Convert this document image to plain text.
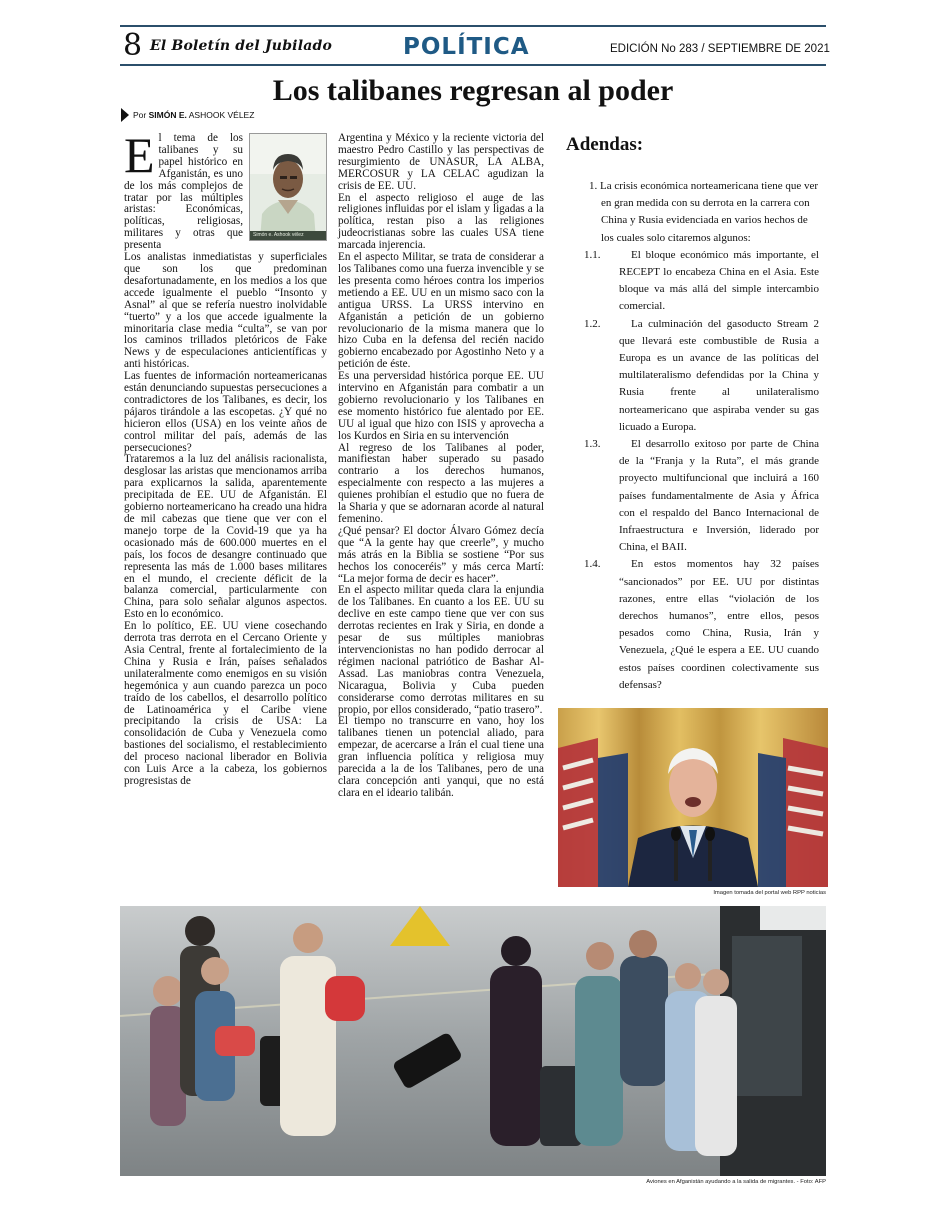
8 El Boletín del Jubilado	POLÍTICA	EDICIÓN No 283 / SEPTIEMBRE DE 2021
Los talibanes regresan al poder
Por SIMÓN E. ASHOOK VÉLEZ
Simón e. Ashook vélez
E l tema de los talibanes y su papel histórico en Afganistán, es uno de los más complejos de tratar por las múltiples aristas: Económicas, políticas, religiosas, militares y otras que presenta

Los analistas inmediatistas y superficiales que son los que predominan desafortunadamente, en los medios a los que accede igualmente el pueblo “Insonto y Asnal” al que se refería nuestro inolvidable “tuerto” y a los que accede igualmente la minoritaria clase media “culta”, se van por los caminos trillados pletóricos de Fake News y de especulaciones anticientíficas y anti históricas.

Las fuentes de información norteamericanas están denunciando supuestas persecuciones a contradictores de los Talibanes, es decir, los pájaros tirándole a las escopetas. ¿Y qué no hicieron ellos (USA) en los veinte años de control militar del país, además de las persecuciones?

Trataremos a la luz del análisis racionalista, desglosar las aristas que mencionamos arriba para explicarnos la salida, aparentemente precipitada de EE. UU de Afganistán. El gobierno norteamericano ha creado una hidra de mil cabezas que tiene que ver con el manejo torpe de la Covid-19 que ya ha ocasionado más de 600.000 muertes en el país, los focos de desangre continuado que representa las más de 1.000 bases militares en el mundo, el creciente déficit de la balanza comercial, particularmente con China, para solo señalar algunos aspectos. Esto en lo económico.

En lo político, EE. UU viene cosechando derrota tras derrota en el Cercano Oriente y Asia Central, frente al fortalecimiento de la China y Rusia e Irán, países señalados unilateralmente como enemigos en su visión hegemónica y aun cuando parezca un poco traído de los cabellos, el desarrollo político de Latinoamérica y el Caribe viene precipitando la crisis de USA: La consolidación de Cuba y Venezuela como bastiones del socialismo, el restablecimiento del proceso nacional liberador en Bolivia con Luis Arce a la cabeza, los gobiernos progresistas de

Argentina y México y la reciente victoria del maestro Pedro Castillo y las perspectivas de resurgimiento de UNASUR, LA ALBA, MERCOSUR y LA CELAC agudizan la crisis de EE. UU.

En el aspecto religioso el auge de las religiones influidas por el islam y ligadas a la política, restan piso a las religiones judeocristianas sobre las cuales USA tiene marcada injerencia.

En el aspecto Militar, se trata de considerar a los Talibanes como una fuerza invencible y se les presenta como héroes contra los imperios metiendo a EE. UU en un mismo saco con la antigua URSS. La URSS intervino en Afganistán a petición de un gobierno revolucionario de la misma manera que lo hizo Cuba en la defensa del recién nacido gobierno encabezado por Agostinho Neto y a petición de éste.

Es una perversidad histórica porque EE. UU intervino en Afganistán para combatir a un gobierno revolucionario y los Talibanes en ese momento histórico fue alentado por EE. UU al igual que hizo con ISIS y aprovecha a los Kurdos en Siria en su intervención

Al regreso de los Talibanes al poder, manifiestan haber superado su pasado contrario a los derechos humanos, especialmente con respecto a las mujeres a quienes prohibían el estudio que no fuera de la Sharia y que se adornaran acorde al natural femenino.

¿Qué pensar? El doctor Álvaro Gómez decía que “A la gente hay que creerle”, y mucho más atrás en la Biblia se sostiene “Por sus hechos los conoceréis” y más cerca Martí: “La mejor forma de decir es hacer”.

En el aspecto militar queda clara la enjundia de los Talibanes. En cuanto a los EE. UU su declive en este campo tiene que ver con sus derrotas recientes en Irak y Siria, en donde a pesar de sus múltiples maniobras intervencionistas no han podido derrocar al régimen nacional patriótico de Bashar Al-Assad. Las maniobras contra Venezuela, Nicaragua, Bolivia y Cuba pueden considerarse como derrotas militares en su propio, por ellos considerado, “patio trasero”.

El tiempo no transcurre en vano, hoy los talibanes tienen un potencial aliado, para empezar, de acercarse a Irán el cual tiene una gran influencia política y religiosa muy parecida a la de los Talibanes, pero de una clara concepción anti yanqui, que no está clara en el ideario talibán.

Adendas:

1. La crisis económica norteamericana tiene que ver en gran medida con su derrota en la carrera con China y Rusia evidenciada en varios hechos de los cuales solo citaremos algunos:

1.1.	El bloque económico más importante, el RECEPT lo encabeza China en el Asia. Este bloque va más allá del simple intercambio comercial.

1.2.	La culminación del gasoducto Stream 2 que llevará este combustible de Rusia a Europa es un avance de las políticas del multilateralismo defendidas por la China y Rusia frente al unilateralismo norteamericano que aspiraba vender su gas licuado a Europa.

1.3.	El desarrollo exitoso por parte de China de la “Franja y la Ruta”, el más grande proyecto multifuncional que incluirá a 160 países fundamentalmente de Asia y África con el respaldo del Banco Internacional de Infraestructura e Inversión, liderado por China, el BAII.

1.4.	En estos momentos hay 32 países “sancionados” por EE. UU por distintas razones, entre ellas “violación de los derechos humanos”, entre ellos, pesos pesados como China, Rusia, Irán y Venezuela, ¿Qué le espera a EE. UU cuando estos países coordinen colectivamente sus defensas?

Imagen tomada del portal web RPP noticias
Aviones en Afganistán ayudando a la salida de migrantes. - Foto: AFP
